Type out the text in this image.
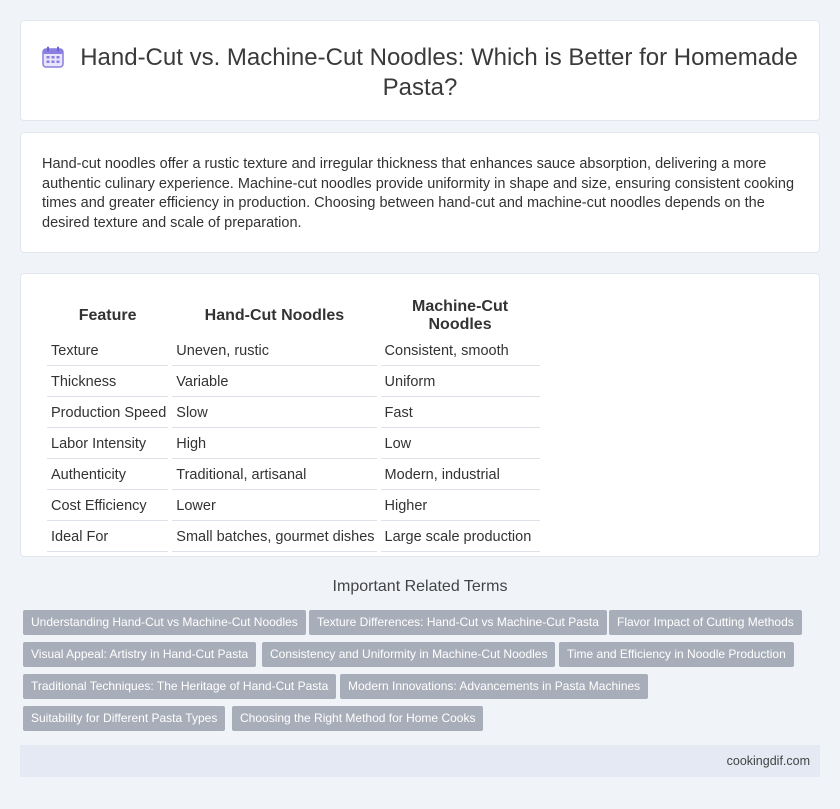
Hand-Cut vs. Machine-Cut Noodles: Which is Better for Homemade Pasta?

Hand-cut noodles offer a rustic texture and irregular thickness that enhances sauce absorption, delivering a more authentic culinary experience. Machine-cut noodles provide uniformity in shape and size, ensuring consistent cooking times and greater efficiency in production. Choosing between hand-cut and machine-cut noodles depends on the desired texture and scale of preparation.

Feature	Hand-Cut Noodles	Machine-Cut Noodles
Texture	Uneven, rustic	Consistent, smooth
Thickness	Variable	Uniform
Production Speed	Slow	Fast
Labor Intensity	High	Low
Authenticity	Traditional, artisanal	Modern, industrial
Cost Efficiency	Lower	Higher
Ideal For	Small batches, gourmet dishes	Large scale production
Important Related Terms
Understanding Hand-Cut vs Machine-Cut Noodles	Texture Differences: Hand-Cut vs Machine-Cut Pasta	Flavor Impact of Cutting Methods
Visual Appeal: Artistry in Hand-Cut Pasta	Consistency and Uniformity in Machine-Cut Noodles	Time and Efficiency in Noodle Production
Traditional Techniques: The Heritage of Hand-Cut Pasta	Modern Innovations: Advancements in Pasta Machines
Suitability for Different Pasta Types	Choosing the Right Method for Home Cooks
cookingdif.com
